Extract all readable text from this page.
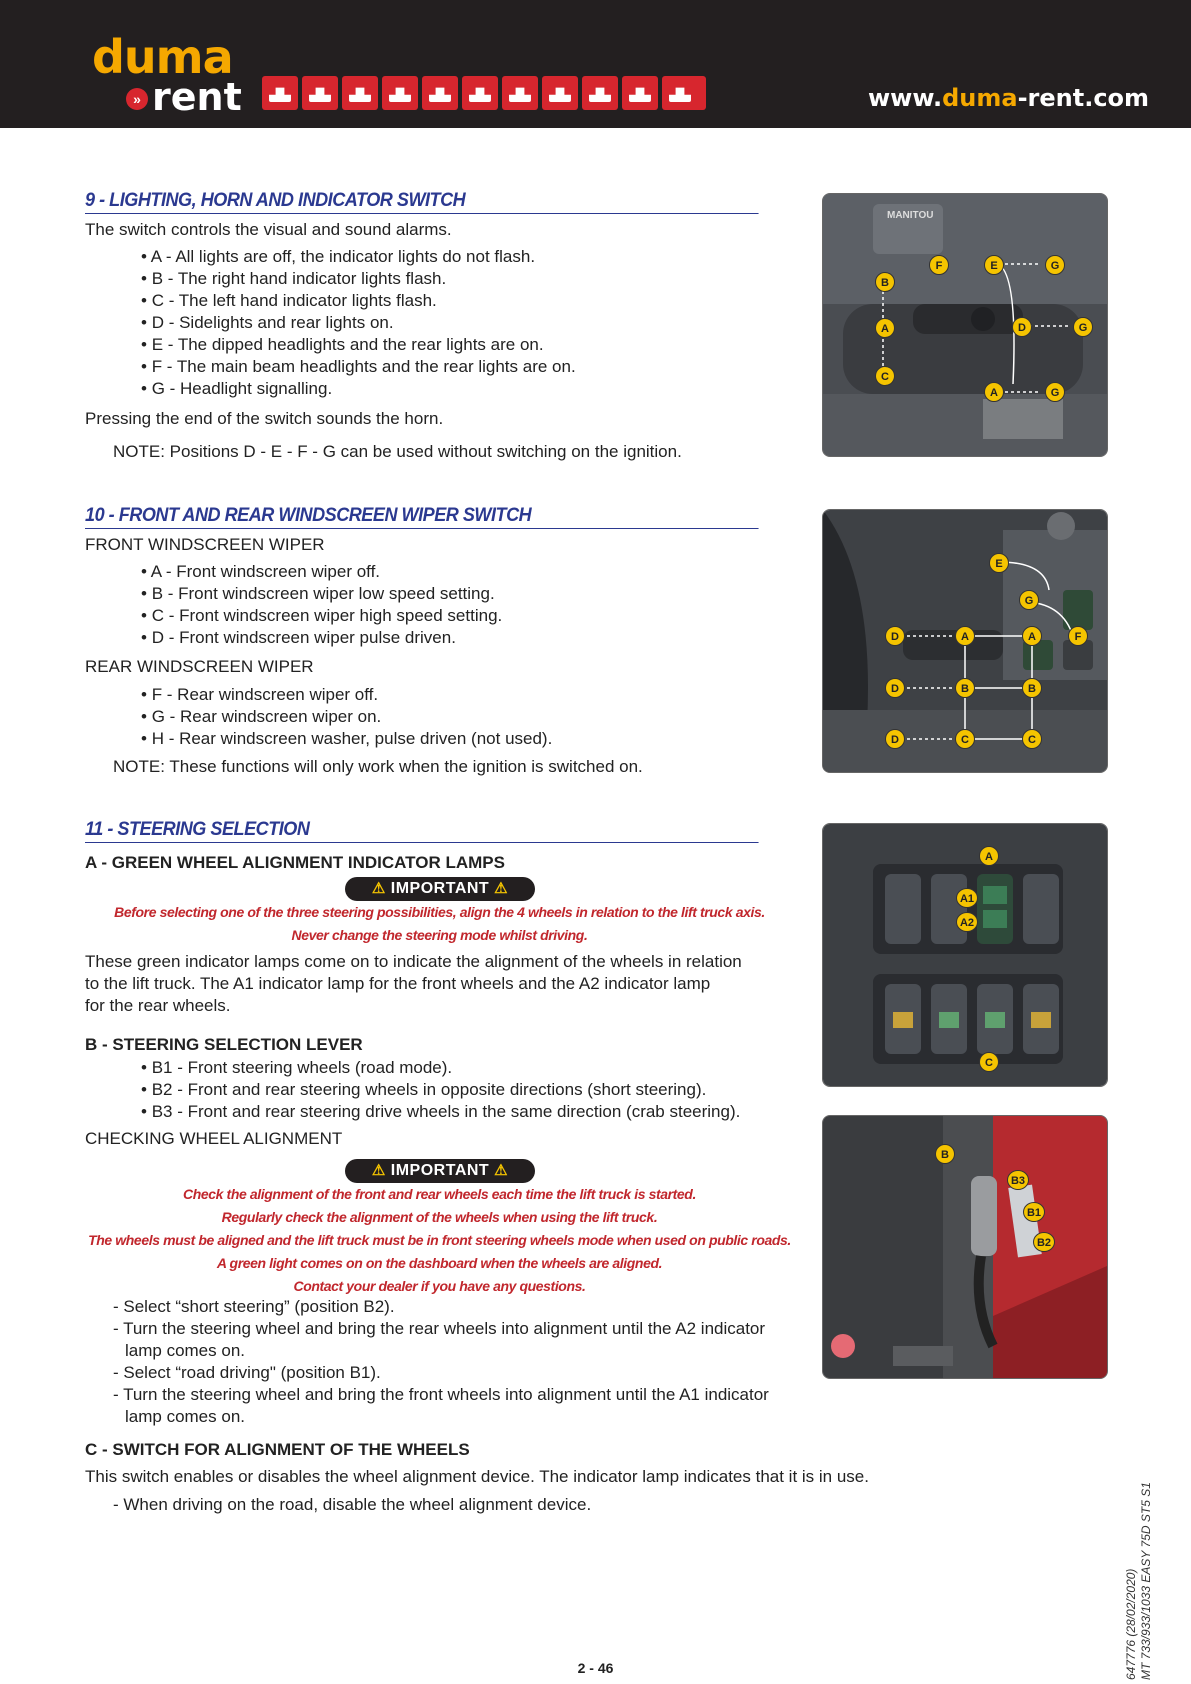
duma
» rent	www.duma-rent.com
9 - LIGHTING, HORN AND INDICATOR SWITCH
The switch controls the visual and sound alarms.
• A - All lights are off, the indicator lights do not flash.
• B - The right hand indicator lights flash.
• C - The left hand indicator lights flash.
• D - Sidelights and rear lights on.
• E - The dipped headlights and the rear lights are on.
• F - The main beam headlights and the rear lights are on.
• G - Headlight signalling.
Pressing the end of the switch sounds the horn.
NOTE: Positions D - E - F - G can be used without switching on the ignition.
MANITOU
B
F	E	G
A	D	G
C
A	G
10 - FRONT AND REAR WINDSCREEN WIPER SWITCH
FRONT WINDSCREEN WIPER
• A - Front windscreen wiper off.
• B - Front windscreen wiper low speed setting.
• C - Front windscreen wiper high speed setting.
• D - Front windscreen wiper pulse driven.
REAR WINDSCREEN WIPER
• F - Rear windscreen wiper off.
• G - Rear windscreen wiper on.
• H - Rear windscreen washer, pulse driven (not used).
NOTE: These functions will only work when the ignition is switched on.
E
G
D	A	A	F
D	B	B
D	C	C
11 - STEERING SELECTION
A - GREEN WHEEL ALIGNMENT INDICATOR LAMPS
⚠ IMPORTANT ⚠
Before selecting one of the three steering possibilities, align the 4 wheels in relation to the lift truck axis.
Never change the steering mode whilst driving.
These green indicator lamps come on to indicate the alignment of the wheels in relation
to the lift truck. The A1 indicator lamp for the front wheels and the A2 indicator lamp
for the rear wheels.
B - STEERING SELECTION LEVER
• B1 - Front steering wheels (road mode).
• B2 - Front and rear steering wheels in opposite directions (short steering).
• B3 - Front and rear steering drive wheels in the same direction (crab steering).
CHECKING WHEEL ALIGNMENT
⚠ IMPORTANT ⚠
Check the alignment of the front and rear wheels each time the lift truck is started.
Regularly check the alignment of the wheels when using the lift truck.
The wheels must be aligned and the lift truck must be in front steering wheels mode when used on public roads.
A green light comes on on the dashboard when the wheels are aligned.
Contact your dealer if you have any questions.
- Select “short steering” (position B2).
- Turn the steering wheel and bring the rear wheels into alignment until the A2 indicator lamp comes on.
- Select “road driving" (position B1).
- Turn the steering wheel and bring the front wheels into alignment until the A1 indicator lamp comes on.
C - SWITCH FOR ALIGNMENT OF THE WHEELS
This switch enables or disables the wheel alignment device. The indicator lamp indicates that it is in use.
- When driving on the road, disable the wheel alignment device.
A
A1
A2
C
B
B3
B1
B2
647776 (28/02/2020)
MT 733/933/1033 EASY 75D ST5 S1
2 - 46
